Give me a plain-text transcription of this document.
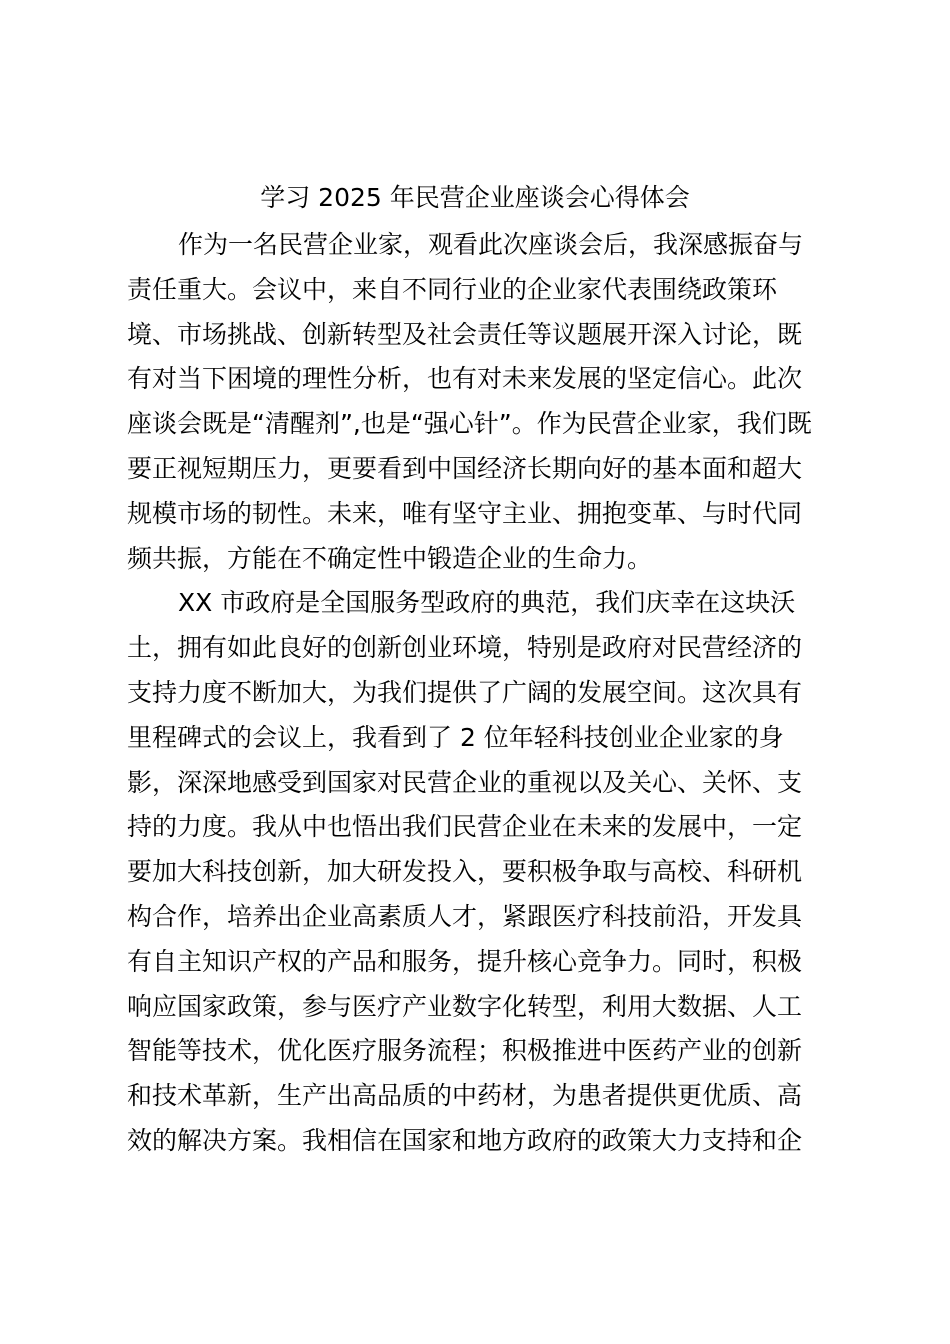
学习 2025 年民营企业座谈会心得体会
作为一名民营企业家，观看此次座谈会后，我深感振奋与
责任重大。会议中，来自不同行业的企业家代表围绕政策环
境、市场挑战、创新转型及社会责任等议题展开深入讨论，既
有对当下困境的理性分析，也有对未来发展的坚定信心。此次
座谈会既是“清醒剂”,也是“强心针”。作为民营企业家，我们既
要正视短期压力，更要看到中国经济长期向好的基本面和超大
规模市场的韧性。未来，唯有坚守主业、拥抱变革、与时代同
频共振，方能在不确定性中锻造企业的生命力。
XX 市政府是全国服务型政府的典范，我们庆幸在这块沃
土，拥有如此良好的创新创业环境，特别是政府对民营经济的
支持力度不断加大，为我们提供了广阔的发展空间。这次具有
里程碑式的会议上，我看到了 2 位年轻科技创业企业家的身
影，深深地感受到国家对民营企业的重视以及关心、关怀、支
持的力度。我从中也悟出我们民营企业在未来的发展中，一定
要加大科技创新，加大研发投入，要积极争取与高校、科研机
构合作，培养出企业高素质人才，紧跟医疗科技前沿，开发具
有自主知识产权的产品和服务，提升核心竞争力。同时，积极
响应国家政策，参与医疗产业数字化转型，利用大数据、人工
智能等技术，优化医疗服务流程；积极推进中医药产业的创新
和技术革新，生产出高品质的中药材，为患者提供更优质、高
效的解决方案。我相信在国家和地方政府的政策大力支持和企
